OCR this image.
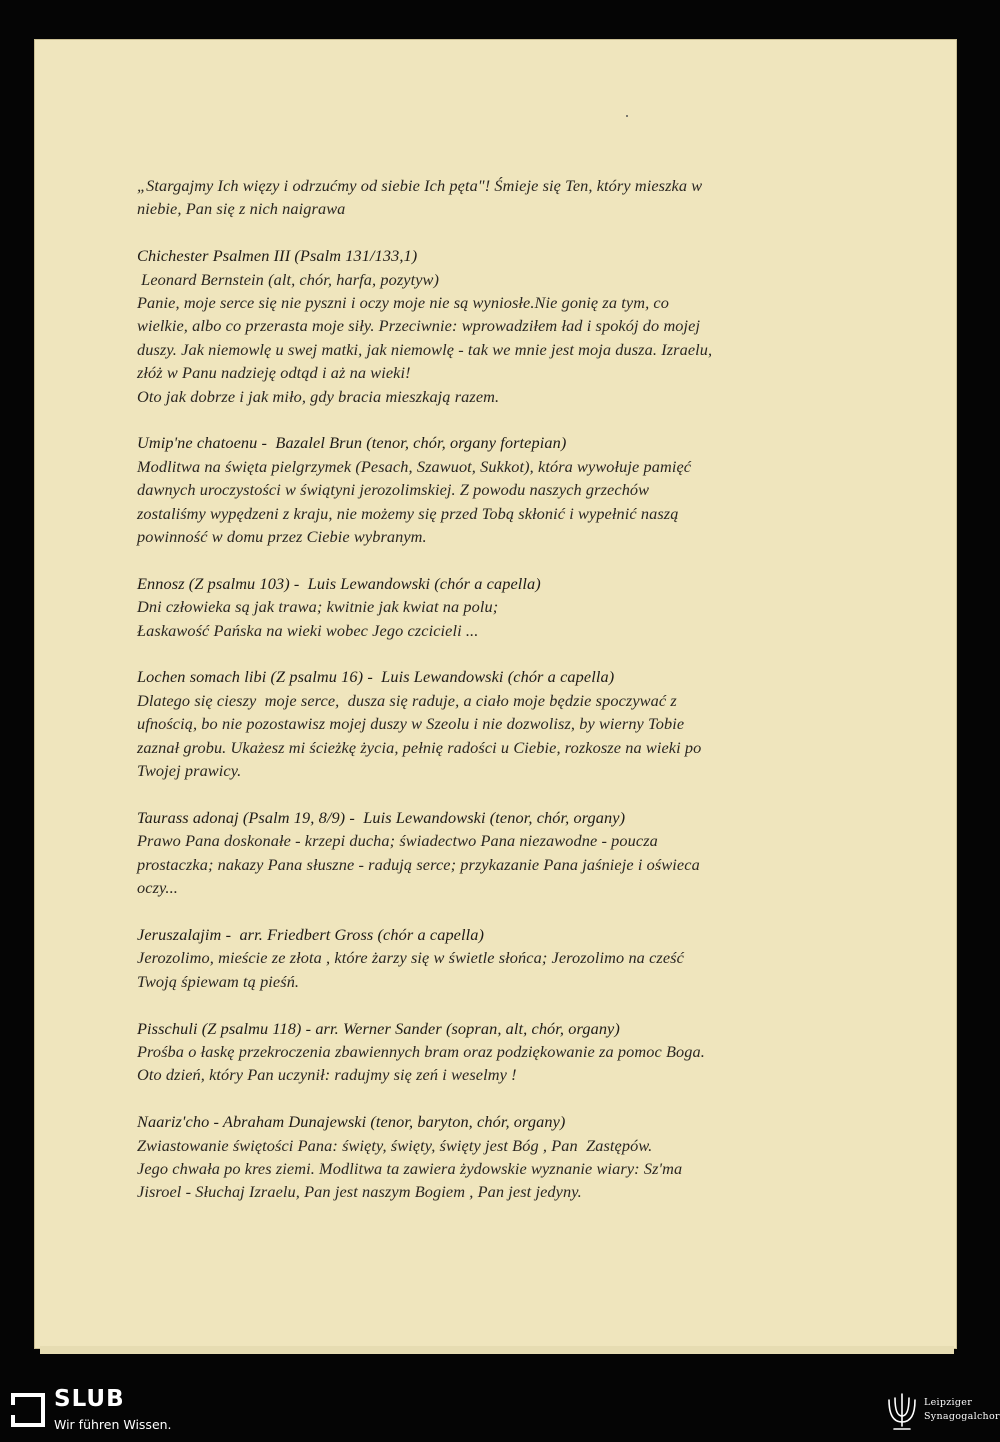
„Stargajmy Ich więzy i odrzućmy od siebie Ich pęta"! Śmieje się Ten, który mieszka w
niebie, Pan się z nich naigrawa
Chichester Psalmen III (Psalm 131/133,1)
Leonard Bernstein (alt, chór, harfa, pozytyw)
Panie, moje serce się nie pyszni i oczy moje nie są wyniosłe.Nie gonię za tym, co
wielkie, albo co przerasta moje siły. Przeciwnie: wprowadziłem ład i spokój do mojej
duszy. Jak niemowlę u swej matki, jak niemowlę - tak we mnie jest moja dusza. Izraelu,
złóż w Panu nadzieję odtąd i aż na wieki!
Oto jak dobrze i jak miło, gdy bracia mieszkają razem.
Umip'ne chatoenu -  Bazalel Brun (tenor, chór, organy fortepian)
Modlitwa na święta pielgrzymek (Pesach, Szawuot, Sukkot), która wywołuje pamięć
dawnych uroczystości w świątyni jerozolimskiej. Z powodu naszych grzechów
zostaliśmy wypędzeni z kraju, nie możemy się przed Tobą skłonić i wypełnić naszą
powinność w domu przez Ciebie wybranym.
Ennosz (Z psalmu 103) -  Luis Lewandowski (chór a capella)
Dni człowieka są jak trawa; kwitnie jak kwiat na polu;
Łaskawość Pańska na wieki wobec Jego czcicieli ...
Lochen somach libi (Z psalmu 16) -  Luis Lewandowski (chór a capella)
Dlatego się cieszy  moje serce,  dusza się raduje, a ciało moje będzie spoczywać z
ufnością, bo nie pozostawisz mojej duszy w Szeolu i nie dozwolisz, by wierny Tobie
zaznał grobu. Ukażesz mi ścieżkę życia, pełnię radości u Ciebie, rozkosze na wieki po
Twojej prawicy.
Taurass adonaj (Psalm 19, 8/9) -  Luis Lewandowski (tenor, chór, organy)
Prawo Pana doskonałe - krzepi ducha; świadectwo Pana niezawodne - poucza
prostaczka; nakazy Pana słuszne - radują serce; przykazanie Pana jaśnieje i oświeca
oczy...
Jeruszalajim -  arr. Friedbert Gross (chór a capella)
Jerozolimo, mieście ze złota , które żarzy się w świetle słońca; Jerozolimo na cześć
Twoją śpiewam tą pieśń.
Pisschuli (Z psalmu 118) - arr. Werner Sander (sopran, alt, chór, organy)
Prośba o łaskę przekroczenia zbawiennych bram oraz podziękowanie za pomoc Boga.
Oto dzień, który Pan uczynił: radujmy się zeń i weselmy !
Naariz'cho - Abraham Dunajewski (tenor, baryton, chór, organy)
Zwiastowanie świętości Pana: święty, święty, święty jest Bóg , Pan  Zastępów.
Jego chwała po kres ziemi. Modlitwa ta zawiera żydowskie wyznanie wiary: Sz'ma
Jisroel - Słuchaj Izraelu, Pan jest naszym Bogiem , Pan jest jedyny.
SLUB
Wir führen Wissen.
Leipziger
Synagogalchor
